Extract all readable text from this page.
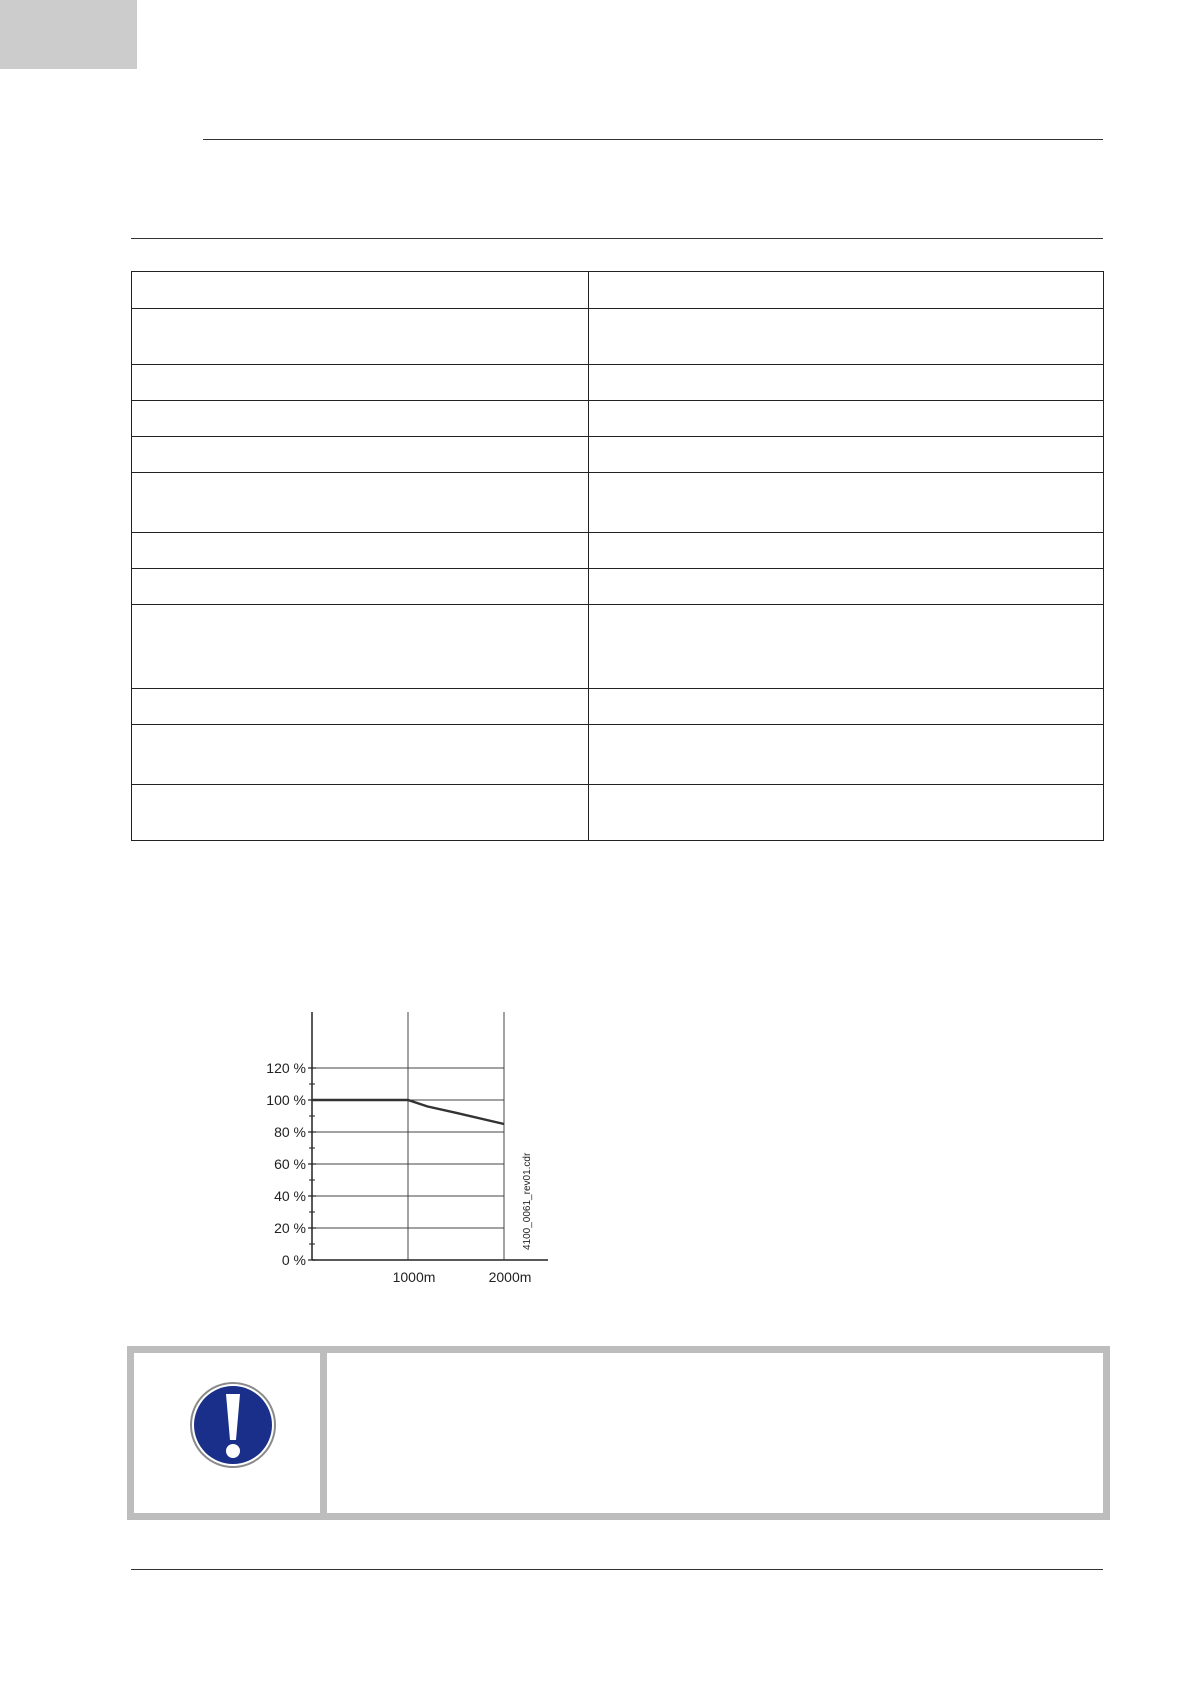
120 %
100 %
80 %
60 %
40 %
20 %
0 %
1000m	2000m
4100_0061_rev01.cdr
